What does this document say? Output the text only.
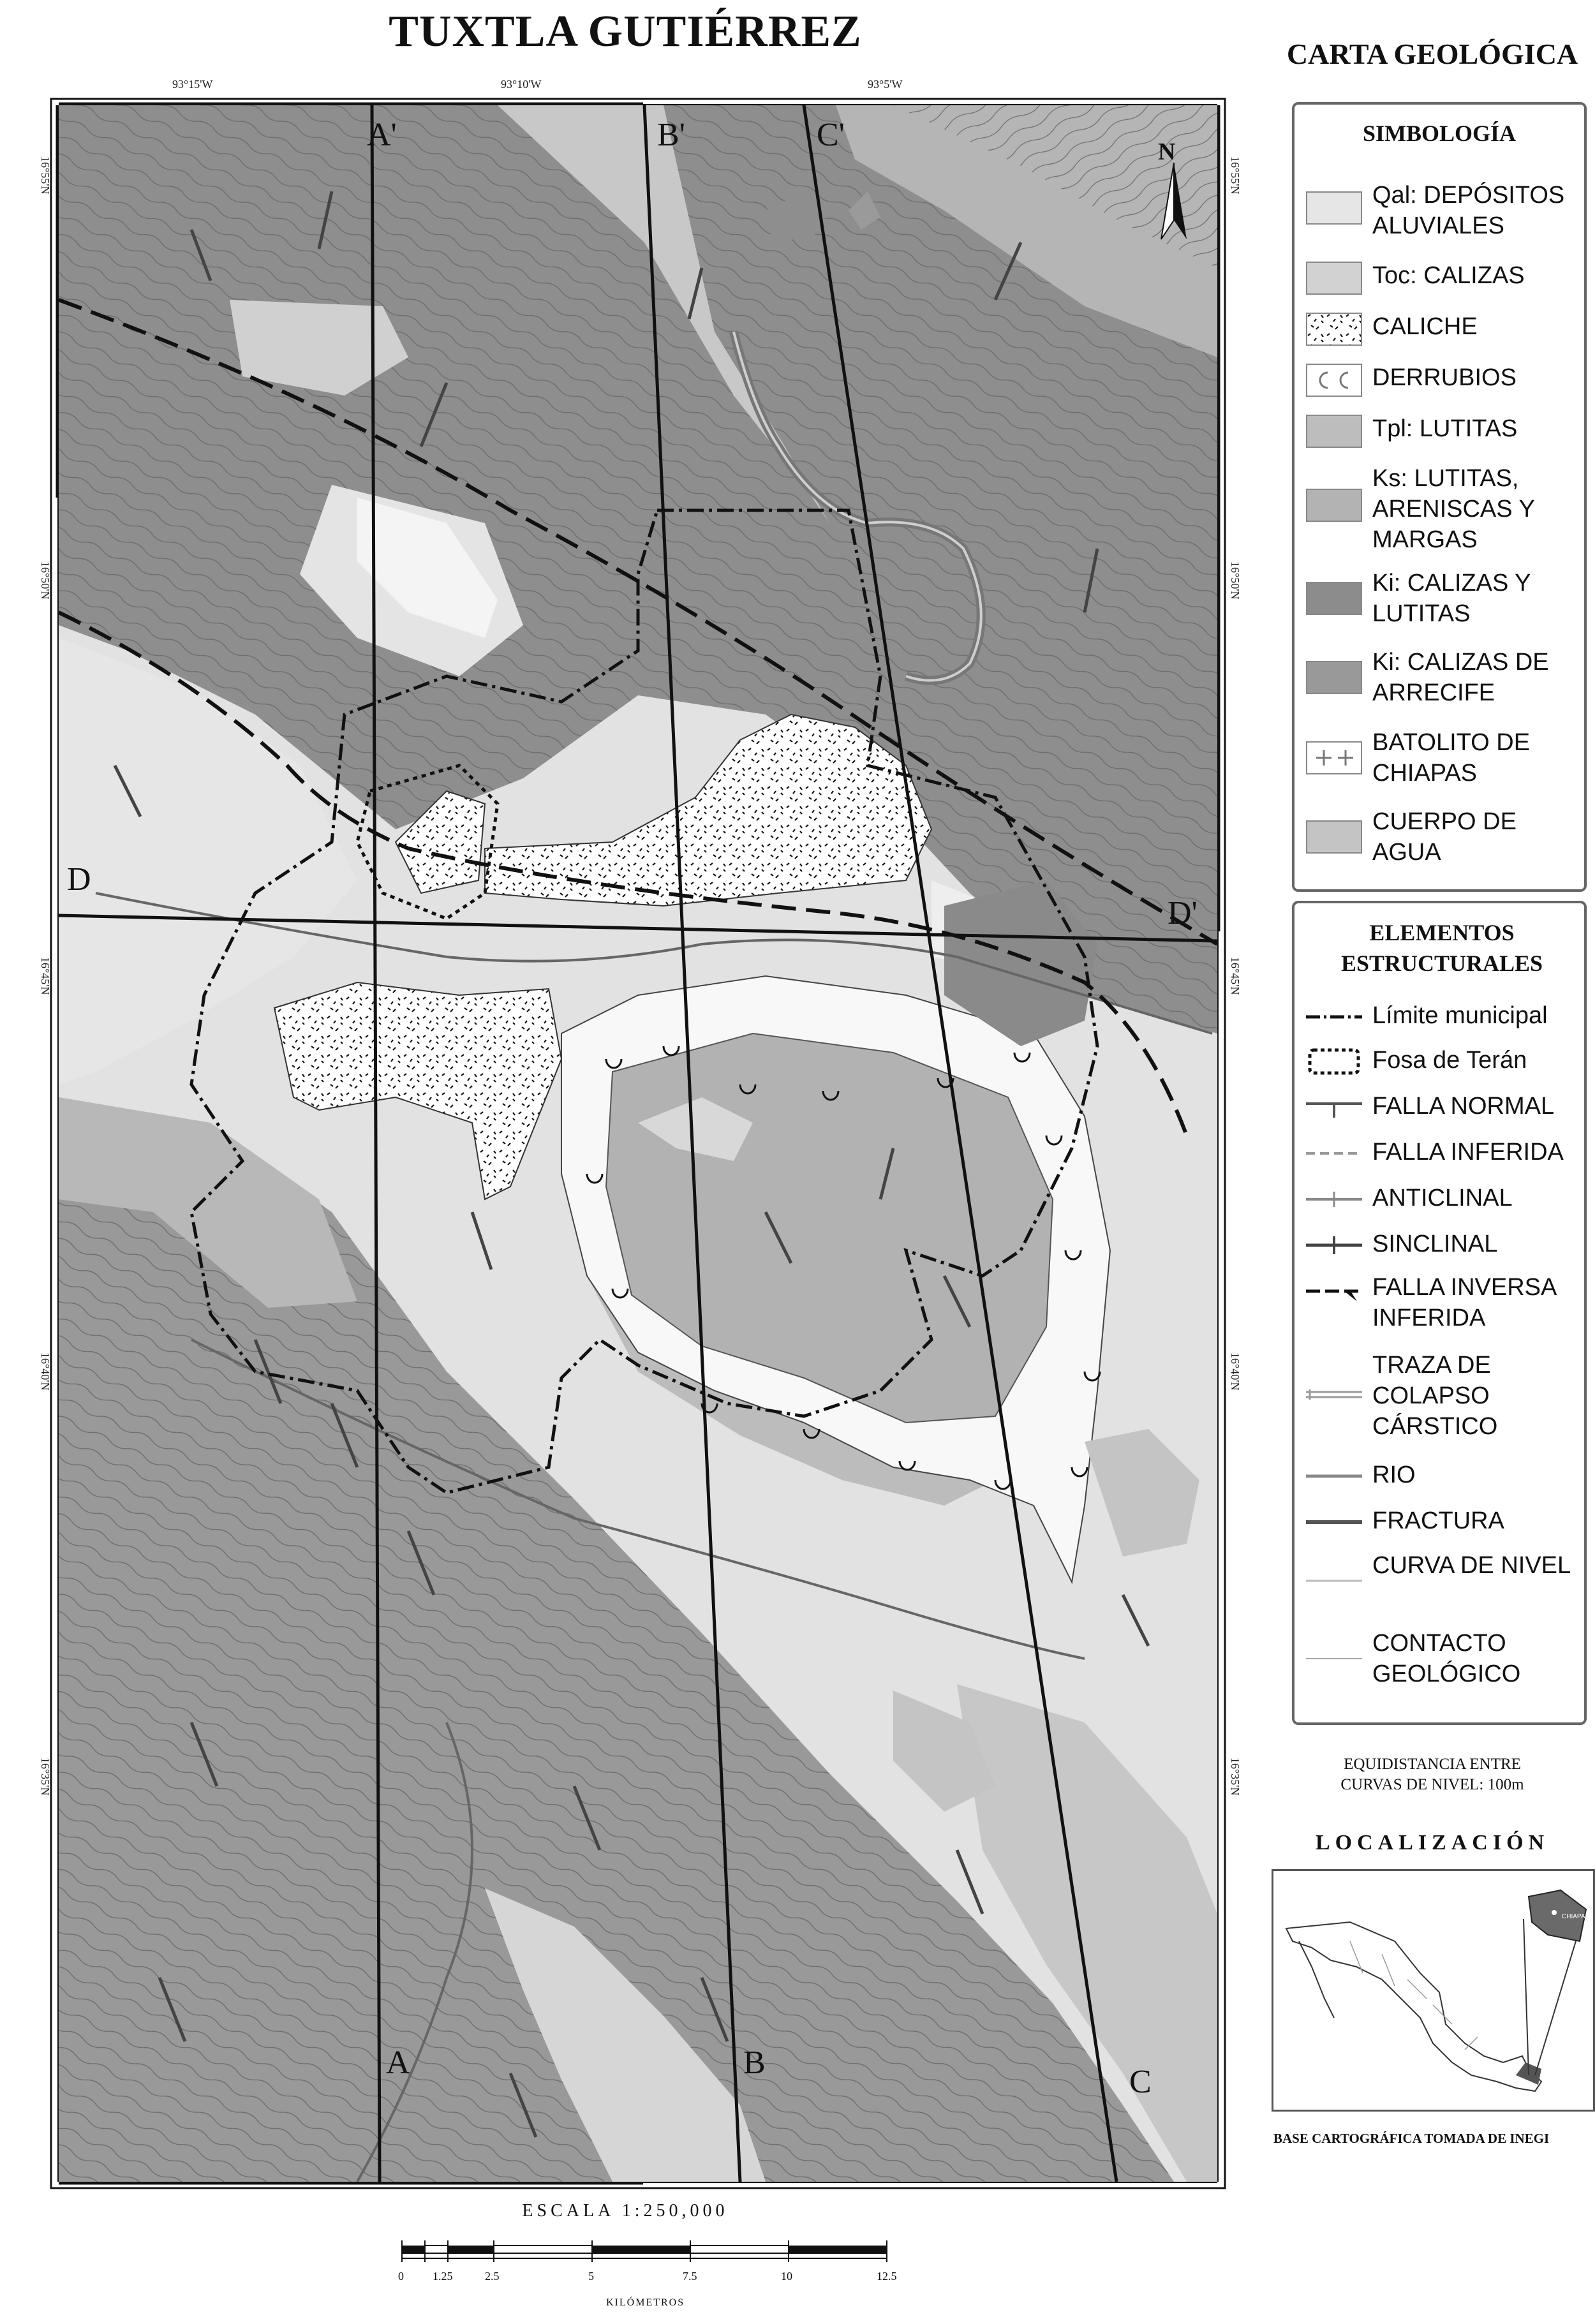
93°15'W	93°10'W	93°5'W
16°55'N
16°50'N
16°45'N
16°40'N
16°35'N
16°55'N
16°50'N
16°45'N
16°40'N
16°35'N
A'	B'	C'
A	B
C
D
D'
N
TUXTLA GUTIÉRREZ	CARTA GEOLÓGICA
SIMBOLOGÍA
Qal: DEPÓSITOS ALUVIALES
Toc: CALIZAS
CALICHE
DERRUBIOS
Tpl: LUTITAS
Ks: LUTITAS, ARENISCAS Y MARGAS
Ki: CALIZAS Y LUTITAS
Ki: CALIZAS DE ARRECIFE
BATOLITO DE CHIAPAS
CUERPO DE AGUA
ELEMENTOS ESTRUCTURALES
Límite municipal
Fosa de Terán
FALLA NORMAL
FALLA INFERIDA
ANTICLINAL
SINCLINAL
FALLA INVERSA INFERIDA
TRAZA DE COLAPSO CÁRSTICO
RIO
FRACTURA
CURVA DE NIVEL
CONTACTO GEOLÓGICO
EQUIDISTANCIA ENTRE
CURVAS DE NIVEL: 100m
LOCALIZACIÓN
CHIAPAS
BASE CARTOGRÁFICA TOMADA DE INEGI
ESCALA 1:250,000
0	1.25	2.5	5	7.5	10	12.5
KILÓMETROS
